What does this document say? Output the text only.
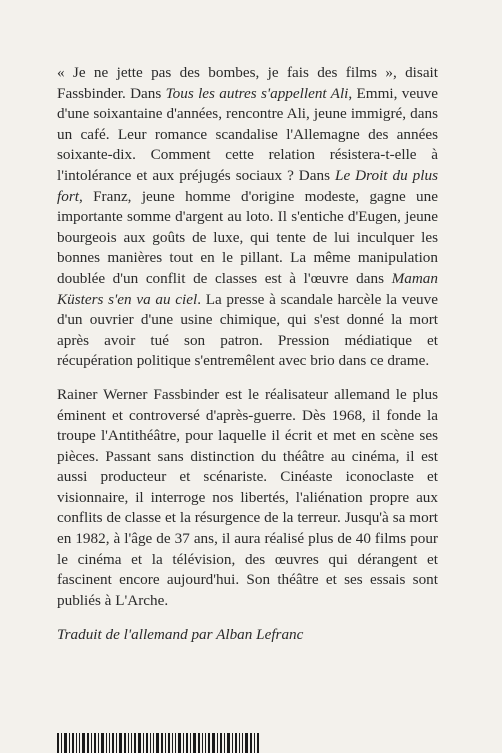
« Je ne jette pas des bombes, je fais des films », disait Fassbinder. Dans Tous les autres s'appellent Ali, Emmi, veuve d'une soixantaine d'années, rencontre Ali, jeune immigré, dans un café. Leur romance scandalise l'Allemagne des années soixante-dix. Comment cette relation résistera-t-elle à l'intolérance et aux préjugés sociaux ? Dans Le Droit du plus fort, Franz, jeune homme d'origine modeste, gagne une importante somme d'argent au loto. Il s'entiche d'Eugen, jeune bourgeois aux goûts de luxe, qui tente de lui inculquer les bonnes manières tout en le pillant. La même manipulation doublée d'un conflit de classes est à l'œuvre dans Maman Küsters s'en va au ciel. La presse à scandale harcèle la veuve d'un ouvrier d'une usine chimique, qui s'est donné la mort après avoir tué son patron. Pression médiatique et récupération politique s'entremêlent avec brio dans ce drame.

Rainer Werner Fassbinder est le réalisateur allemand le plus éminent et controversé d'après-guerre. Dès 1968, il fonde la troupe l'Antithéâtre, pour laquelle il écrit et met en scène ses pièces. Passant sans distinction du théâtre au cinéma, il est aussi producteur et scénariste. Cinéaste iconoclaste et visionnaire, il interroge nos libertés, l'aliénation propre aux conflits de classe et la résurgence de la terreur. Jusqu'à sa mort en 1982, à l'âge de 37 ans, il aura réalisé plus de 40 films pour le cinéma et la télévision, des œuvres qui dérangent et fascinent encore aujourd'hui. Son théâtre et ses essais sont publiés à L'Arche.

Traduit de l'allemand par Alban Lefranc
